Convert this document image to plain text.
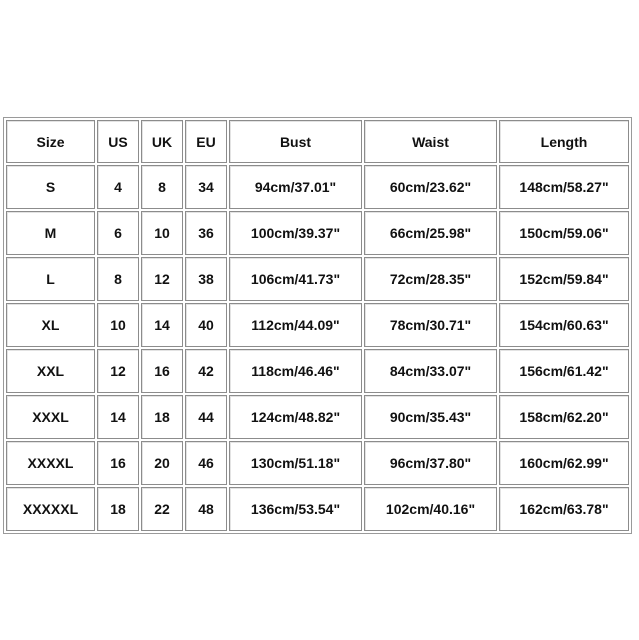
Size	US	UK	EU	Bust	Waist	Length
S	4	8	34	94cm/37.01"	60cm/23.62"	148cm/58.27"
M	6	10	36	100cm/39.37"	66cm/25.98"	150cm/59.06"
L	8	12	38	106cm/41.73"	72cm/28.35"	152cm/59.84"
XL	10	14	40	112cm/44.09"	78cm/30.71"	154cm/60.63"
XXL	12	16	42	118cm/46.46"	84cm/33.07"	156cm/61.42"
XXXL	14	18	44	124cm/48.82"	90cm/35.43"	158cm/62.20"
XXXXL	16	20	46	130cm/51.18"	96cm/37.80"	160cm/62.99"
XXXXXL	18	22	48	136cm/53.54"	102cm/40.16"	162cm/63.78"
